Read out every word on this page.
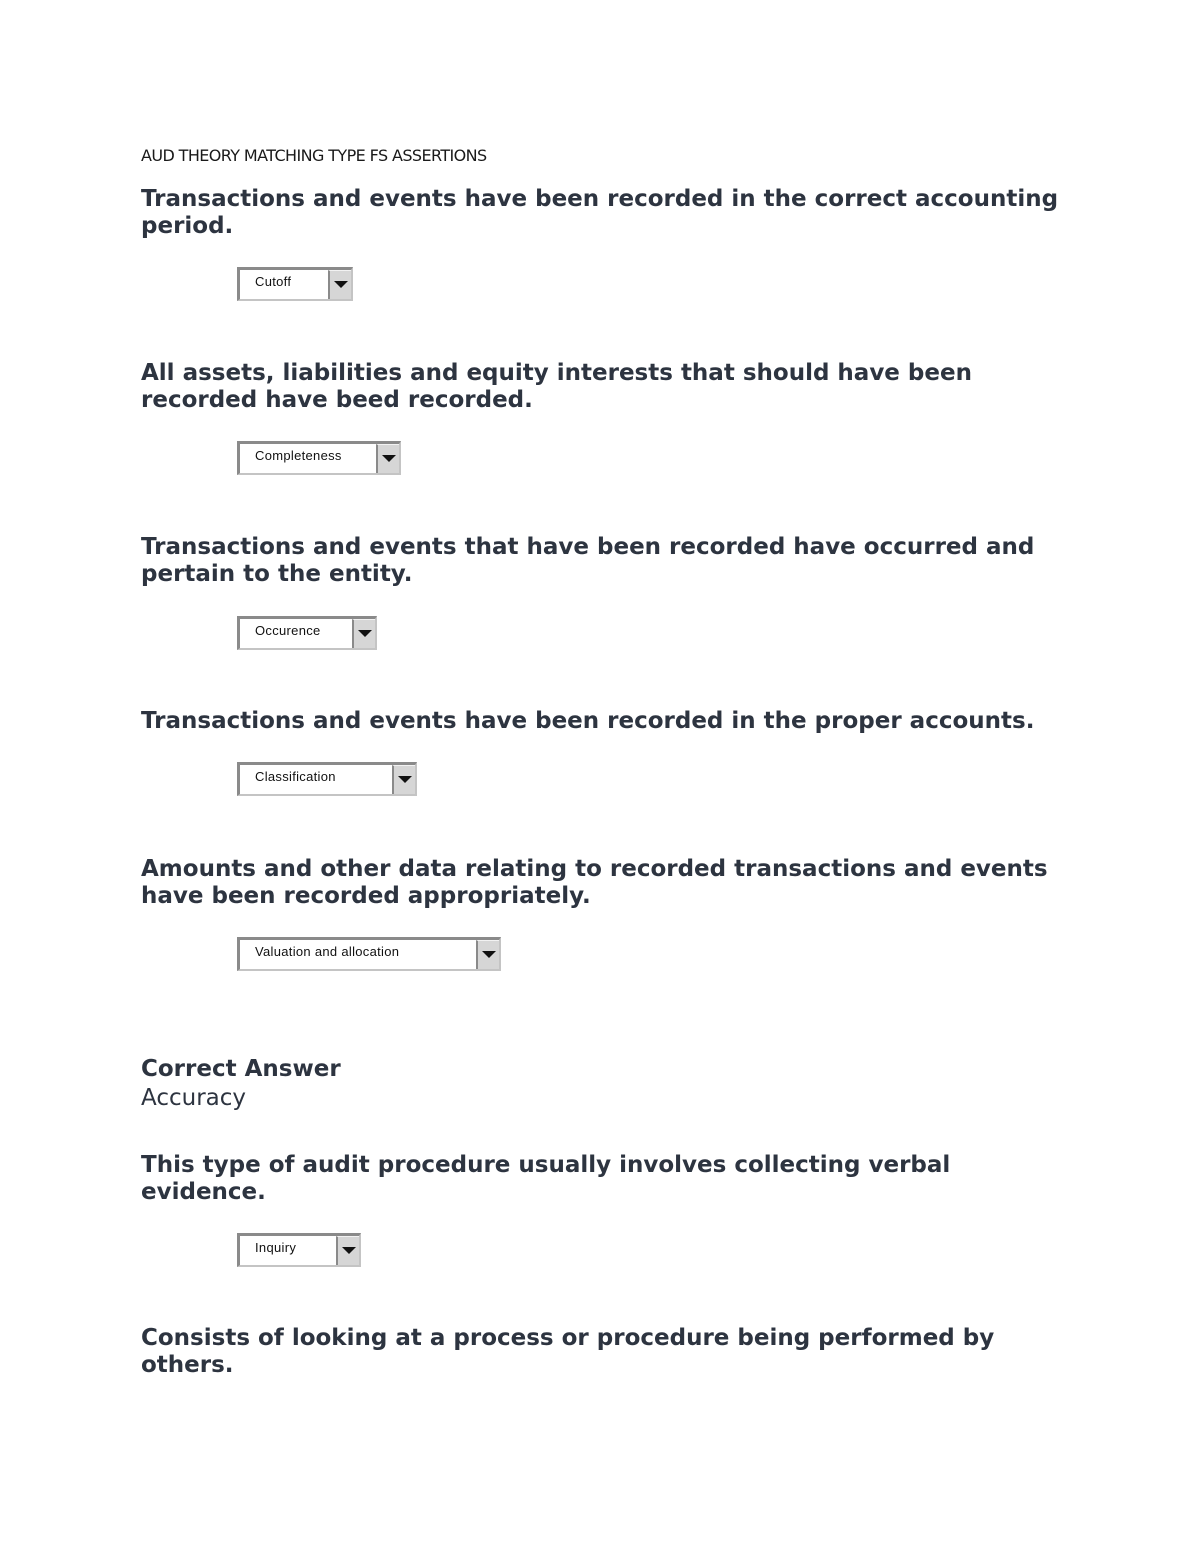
AUD THEORY MATCHING TYPE FS ASSERTIONS
Transactions and events have been recorded in the correct accounting period.
Cutoff
All assets, liabilities and equity interests that should have been recorded have beed recorded.
Completeness
Transactions and events that have been recorded have occurred and pertain to the entity.
Occurence
Transactions and events have been recorded in the proper accounts.
Classification
Amounts and other data relating to recorded transactions and events have been recorded appropriately.
Valuation and allocation
Correct Answer
Accuracy
This type of audit procedure usually involves collecting verbal evidence.
Inquiry
Consists of looking at a process or procedure being performed by others.
